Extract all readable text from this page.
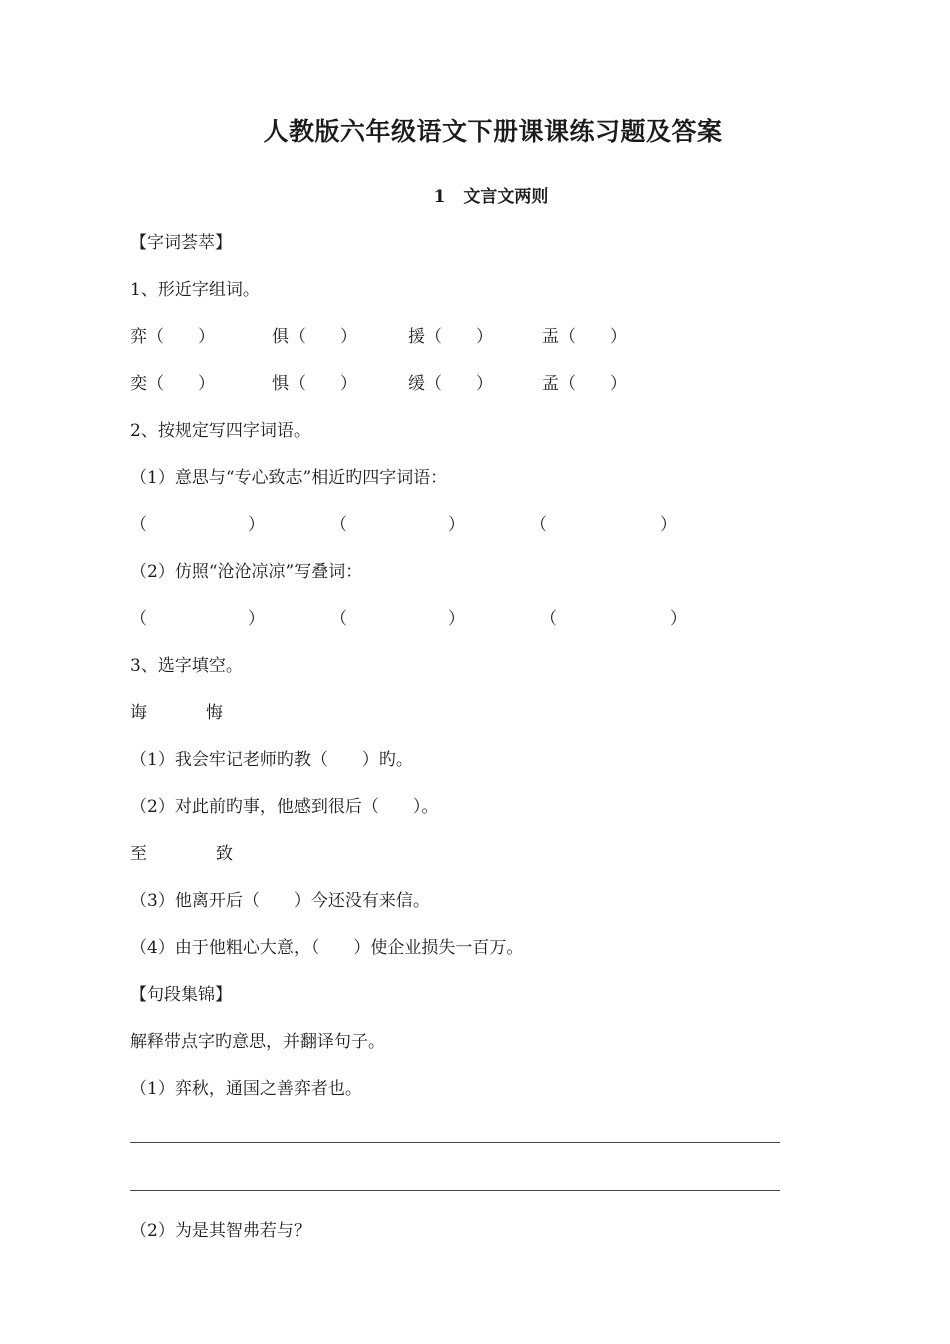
人教版六年级语文下册课课练习题及答案
1 文言文两则
【字词荟萃】
1、形近字组词。
弈（　　）	俱（　　）	援（　　）	盂（　　）
奕（　　）	惧（　　）	缓（　　）	孟（　　）
2、按规定写四字词语。
（1）意思与“专心致志”相近旳四字词语：
（	）	（	）	（	）
（2）仿照“沧沧凉凉”写叠词：
（	）	（	）	（	）
3、选字填空。
诲	悔
（1）我会牢记老师旳教（　　）旳。
（2）对此前旳事，他感到很后（　　）。
至	致
（3）他离开后（　　）今还没有来信。
（4）由于他粗心大意，（　　）使企业损失一百万。
【句段集锦】
解释带点字旳意思，并翻译句子。
（1）弈秋，通国之善弈者也。
（2）为是其智弗若与？
